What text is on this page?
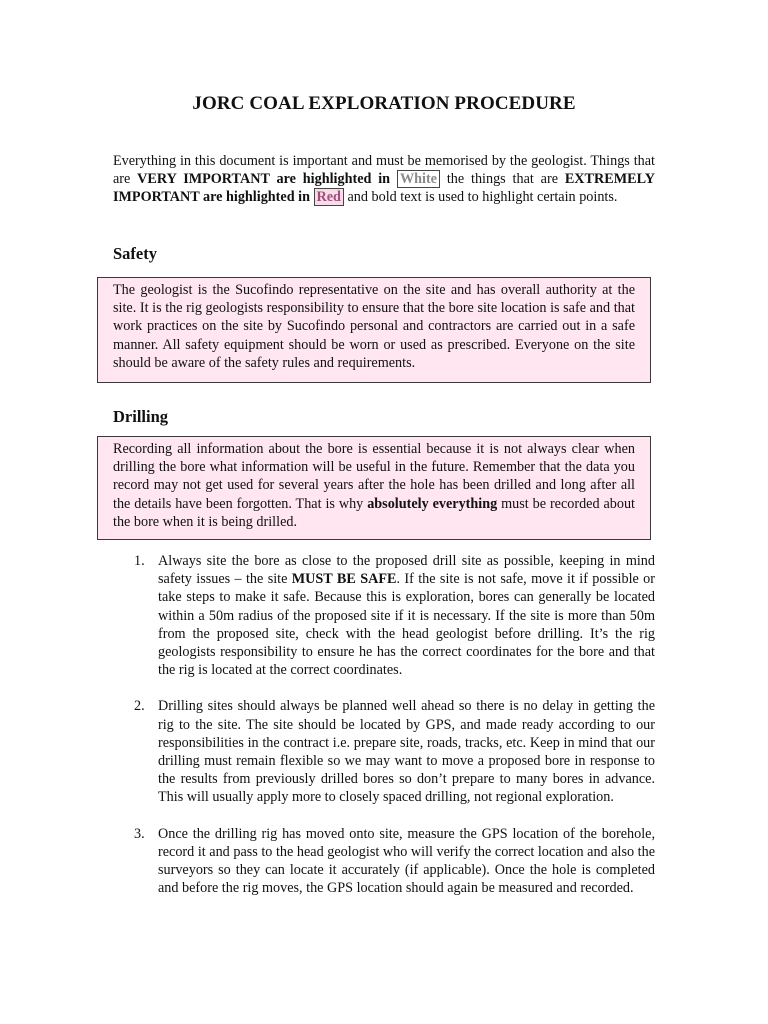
JORC COAL EXPLORATION PROCEDURE

Everything in this document is important and must be memorised by the geologist. Things that are VERY IMPORTANT are highlighted in White the things that are EXTREMELY IMPORTANT are highlighted in Red and bold text is used to highlight certain points.

Safety
The geologist is the Sucofindo representative on the site and has overall authority at the site. It is the rig geologists responsibility to ensure that the bore site location is safe and that work practices on the site by Sucofindo personal and contractors are carried out in a safe manner. All safety equipment should be worn or used as prescribed. Everyone on the site should be aware of the safety rules and requirements.
Drilling
Recording all information about the bore is essential because it is not always clear when drilling the bore what information will be useful in the future. Remember that the data you record may not get used for several years after the hole has been drilled and long after all the details have been forgotten. That is why absolutely everything must be recorded about the bore when it is being drilled.
1. Always site the bore as close to the proposed drill site as possible, keeping in mind safety issues – the site MUST BE SAFE. If the site is not safe, move it if possible or take steps to make it safe. Because this is exploration, bores can generally be located within a 50m radius of the proposed site if it is necessary. If the site is more than 50m from the proposed site, check with the head geologist before drilling. It’s the rig geologists responsibility to ensure he has the correct coordinates for the bore and that the rig is located at the correct coordinates.
2. Drilling sites should always be planned well ahead so there is no delay in getting the rig to the site. The site should be located by GPS, and made ready according to our responsibilities in the contract i.e. prepare site, roads, tracks, etc. Keep in mind that our drilling must remain flexible so we may want to move a proposed bore in response to the results from previously drilled bores so don’t prepare to many bores in advance. This will usually apply more to closely spaced drilling, not regional exploration.
3. Once the drilling rig has moved onto site, measure the GPS location of the borehole, record it and pass to the head geologist who will verify the correct location and also the surveyors so they can locate it accurately (if applicable). Once the hole is completed and before the rig moves, the GPS location should again be measured and recorded.
